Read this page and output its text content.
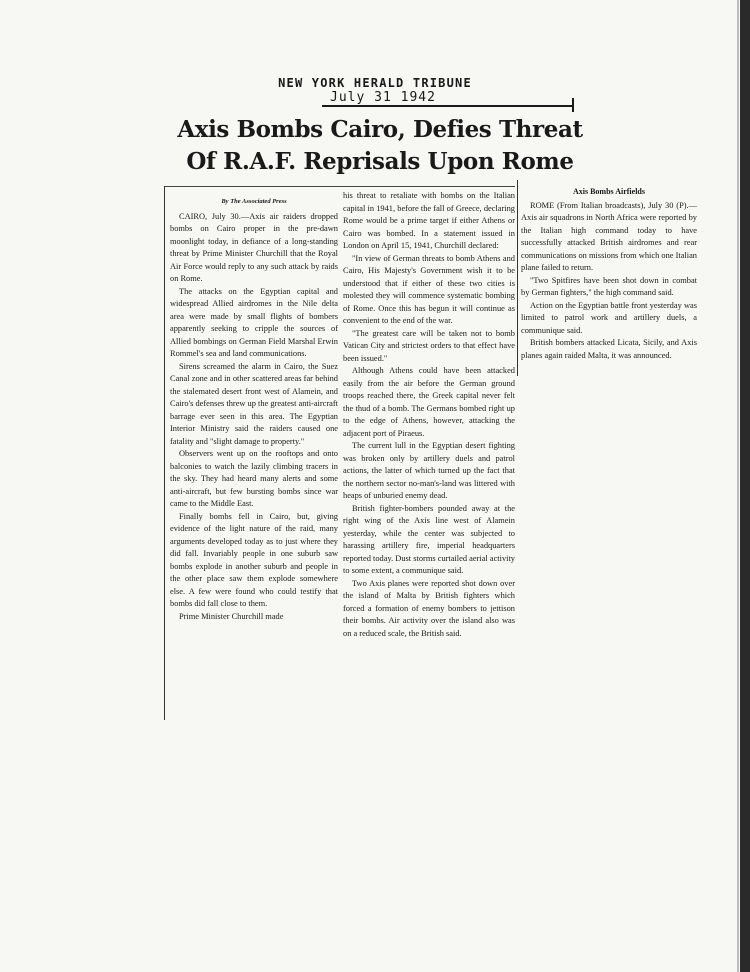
NEW YORK HERALD TRIBUNE
July 31 1942
Axis Bombs Cairo, Defies Threat
Of R.A.F. Reprisals Upon Rome
By The Associated Press

CAIRO, July 30.—Axis air raiders dropped bombs on Cairo proper in the pre-dawn moonlight today, in defiance of a long-standing threat by Prime Minister Churchill that the Royal Air Force would reply to any such attack by raids on Rome.

The attacks on the Egyptian capital and widespread Allied airdromes in the Nile delta area were made by small flights of bombers apparently seeking to cripple the sources of Allied bombings on German Field Marshal Erwin Rommel's sea and land communications.

Sirens screamed the alarm in Cairo, the Suez Canal zone and in other scattered areas far behind the stalemated desert front west of Alamein, and Cairo's defenses threw up the greatest anti-aircraft barrage ever seen in this area. The Egyptian Interior Ministry said the raiders caused one fatality and "slight damage to property."

Observers went up on the rooftops and onto balconies to watch the lazily climbing tracers in the sky. They had heard many alerts and some anti-aircraft, but few bursting bombs since war came to the Middle East.

Finally bombs fell in Cairo, but, giving evidence of the light nature of the raid, many arguments developed today as to just where they did fall. Invariably people in one suburb saw bombs explode in another suburb and people in the other place saw them explode somewhere else. A few were found who could testify that bombs did fall close to them.

Prime Minister Churchill made

his threat to retaliate with bombs on the Italian capital in 1941, before the fall of Greece, declaring Rome would be a prime target if either Athens or Cairo was bombed. In a statement issued in London on April 15, 1941, Churchill declared:

"In view of German threats to bomb Athens and Cairo, His Majesty's Government wish it to be understood that if either of these two cities is molested they will commence systematic bombing of Rome. Once this has begun it will continue as convenient to the end of the war.

"The greatest care will be taken not to bomb Vatican City and strictest orders to that effect have been issued."

Although Athens could have been attacked easily from the air before the German ground troops reached there, the Greek capital never felt the thud of a bomb. The Germans bombed right up to the edge of Athens, however, attacking the adjacent port of Piraeus.

The current lull in the Egyptian desert fighting was broken only by artillery duels and patrol actions, the latter of which turned up the fact that the northern sector no-man's-land was littered with heaps of unburied enemy dead.

British fighter-bombers pounded away at the right wing of the Axis line west of Alamein yesterday, while the center was subjected to harassing artillery fire, imperial headquarters reported today. Dust storms curtailed aerial activity to some extent, a communique said.

Two Axis planes were reported shot down over the island of Malta by British fighters which forced a formation of enemy bombers to jettison their bombs. Air activity over the island also was on a reduced scale, the British said.

Axis Bombs Airfields

ROME (From Italian broadcasts), July 30 (P).—Axis air squadrons in North Africa were reported by the Italian high command today to have successfully attacked British airdromes and rear communications on missions from which one Italian plane failed to return.

"Two Spitfires have been shot down in combat by German fighters," the high command said.

Action on the Egyptian battle front yesterday was limited to patrol work and artillery duels, a communique said.

British bombers attacked Licata, Sicily, and Axis planes again raided Malta, it was announced.
